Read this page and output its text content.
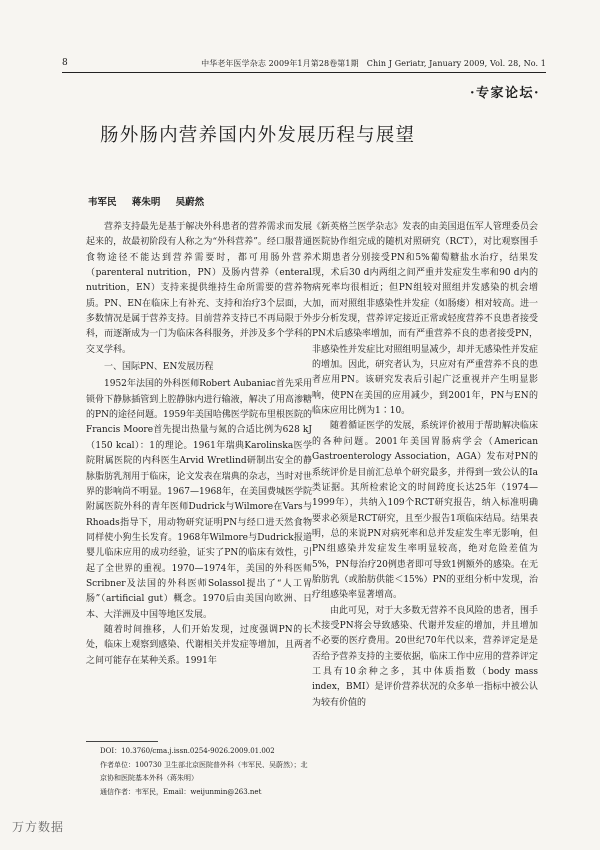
8	中华老年医学杂志 2009年1月第28卷第1期　Chin J Geriatr, January 2009, Vol. 28, No. 1
·专家论坛·
肠外肠内营养国内外发展历程与展望
韦军民 蒋朱明 吴蔚然

营养支持最先是基于解决外科患者的营养需求而发展起来的，故最初阶段有人称之为“外科营养”。经口服普通食物途径不能达到营养需要时，都可用肠外营养（parenteral nutrition，PN）及肠内营养（enteral nutrition，EN）支持来提供维持生命所需要的营养物质。PN、EN在临床上有补充、支持和治疗3个层面，大多数情况是属于营养支持。目前营养支持已不再局限于外科，而逐渐成为一门为临床各科服务，并涉及多个学科的交叉学科。

一、国际PN、EN发展历程

1952年法国的外科医师Robert Aubaniac首先采用锁骨下静脉插管到上腔静脉内进行输液，解决了用高渗糖的PN的途径问题。1959年美国哈佛医学院布里根医院的Francis Moore首先提出热量与氮的合适比例为628 kJ（150 kcal）：1的理论。1961年瑞典Karolinska医学院附属医院的内科医生Arvid Wretlind研制出安全的静脉脂肪乳剂用于临床，论文发表在瑞典的杂志，当时对世界的影响尚不明显。1967—1968年，在美国费城医学院附属医院外科的青年医师Dudrick与Wilmore在Vars与Rhoads指导下，用动物研究证明PN与经口进天然食物同样使小狗生长发育。1968年Wilmore与Dudrick报道婴儿临床应用的成功经验，证实了PN的临床有效性，引起了全世界的重视。1970—1974年，美国的外科医师Scribner及法国的外科医师Solassol提出了“人工胃肠”（artificial gut）概念。1970后由美国向欧洲、日本、大洋洲及中国等地区发展。

随着时间推移，人们开始发现，过度强调PN的长处，临床上观察到感染、代谢相关并发症等增加，且两者之间可能存在某种关系。1991年

《新英格兰医学杂志》发表的由美国退伍军人管理委员会医院协作组完成的随机对照研究（RCT），对比观察围手术期患者分别接受PN和5%葡萄糖盐水治疗，结果发现，术后30 d内两组之间严重并发症发生率和90 d内的病死率均很相近；但PN组较对照组并发感染的机会增加，而对照组非感染性并发症（如肠瘘）相对较高。进一步分析发现，营养评定接近正常或轻度营养不良患者接受PN术后感染率增加，而有严重营养不良的患者接受PN，非感染性并发症比对照组明显减少，却并无感染性并发症的增加。因此，研究者认为，只应对有严重营养不良的患者应用PN。该研究发表后引起广泛重视并产生明显影响，使PN在美国的应用减少，到2001年，PN与EN的临床应用比例为1∶10。

随着循证医学的发展，系统评价被用于帮助解决临床的各种问题。2001年美国胃肠病学会（American Gastroenterology Association，AGA）发布对PN的系统评价是目前汇总单个研究最多，并得到一致公认的Ⅰa类证据。其所检索论文的时间跨度长达25年（1974—1999年），共纳入109个RCT研究报告，纳入标准明确要求必须是RCT研究，且至少报告1项临床结局。结果表明，总的来说PN对病死率和总并发症发生率无影响，但PN组感染并发症发生率明显较高，绝对危险差值为5%，PN每治疗20例患者即可导致1例额外的感染。在无胎肪乳（或胎肪供能＜15%）PN的亚组分析中发现，治疗组感染率显著增高。

由此可见，对于大多数无营养不良风险的患者，围手术接受PN将会导致感染、代谢并发症的增加，并且增加不必要的医疗费用。20世纪70年代以来，营养评定是是否给予营养支持的主要依据，临床工作中应用的营养评定工具有10余种之多，其中体质指数（body mass index，BMI）是评价营养状况的众多单一指标中被公认为较有价值的

DOI：10.3760/cma.j.issn.0254-9026.2009.01.002
作者单位：100730 卫生部北京医院普外科（韦军民、吴蔚然）；北京协和医院基本外科（蒋朱明）
通信作者：韦军民，Email：weijunmin@263.net
万方数据
